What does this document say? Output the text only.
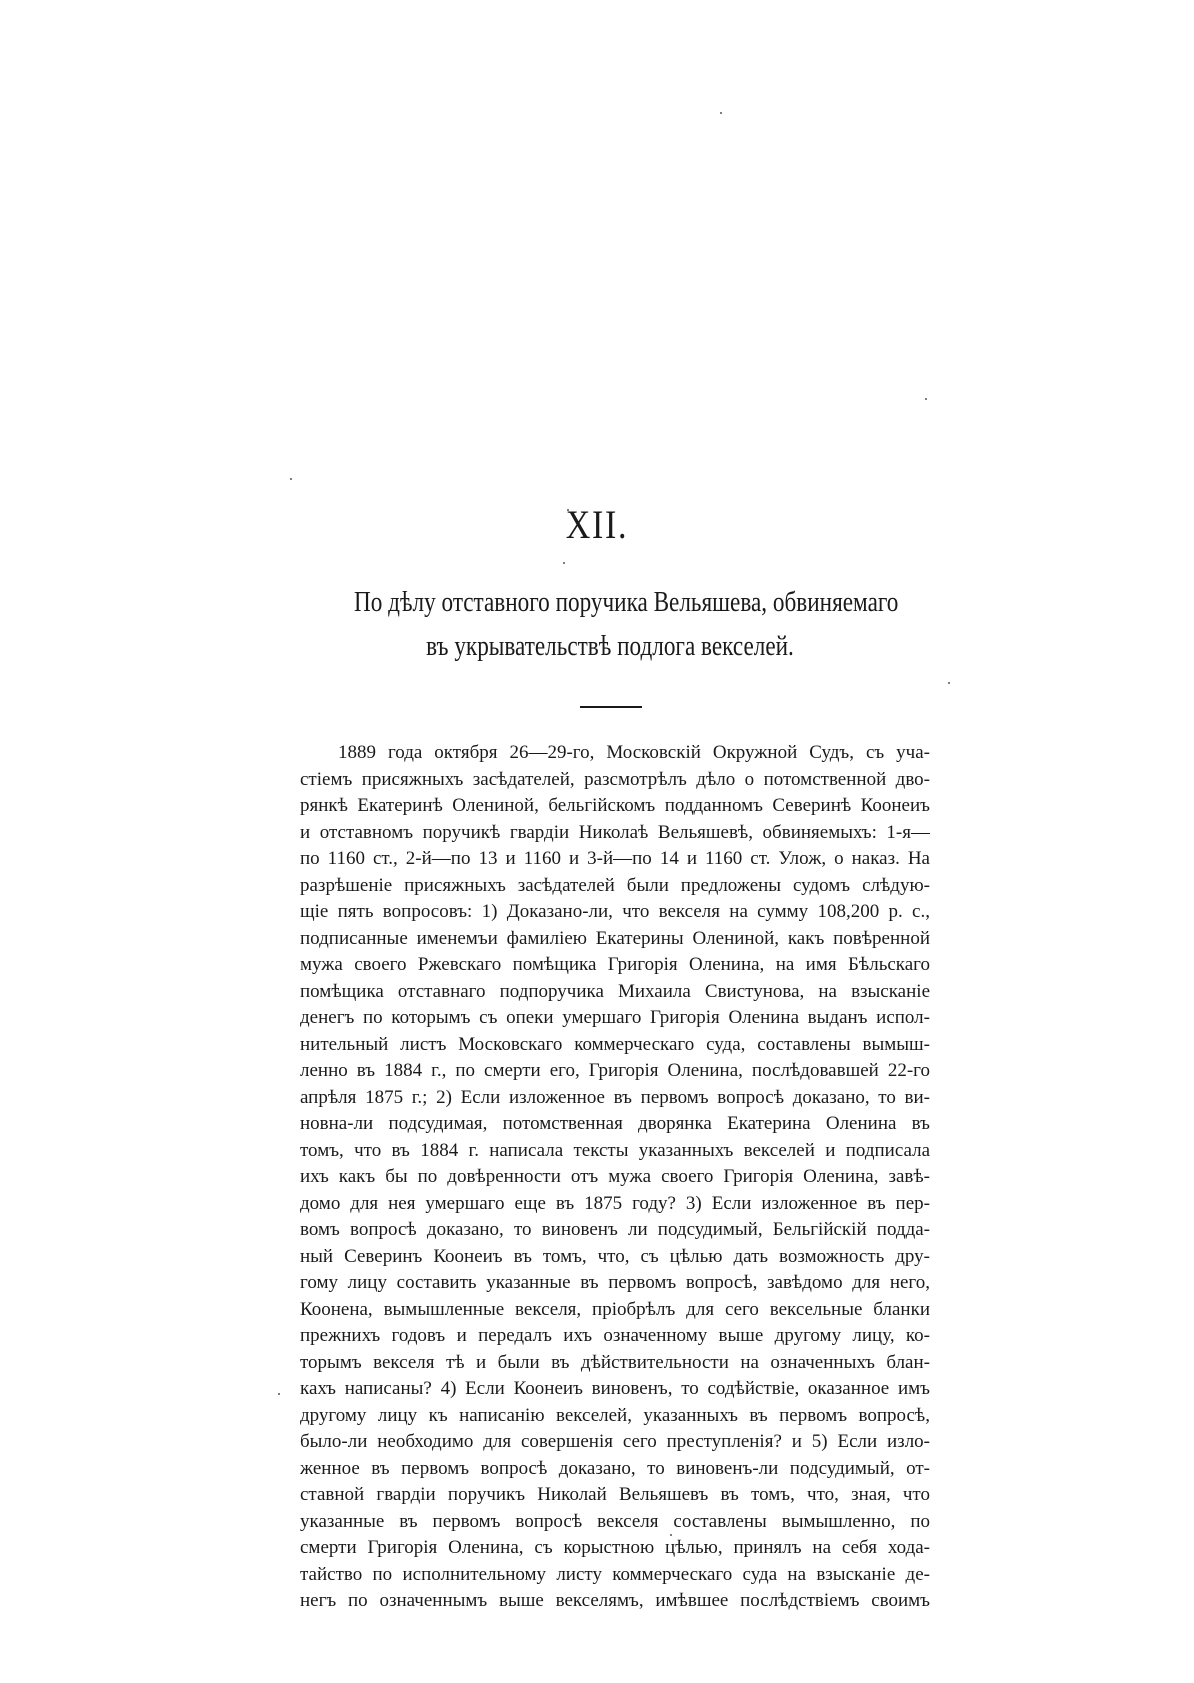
XII.
По дѣлу отставного поручика Вельяшева, обвиняемаго
въ укрывательствѣ подлога векселей.
1889 года октября 26—29-го, Московскій Окружной Судъ, съ уча-
стіемъ присяжныхъ засѣдателей, разсмотрѣлъ дѣло о потомственной дво-
рянкѣ Екатеринѣ Олениной, бельгійскомъ подданномъ Северинѣ Коонеиъ
и отставномъ поручикѣ гвардіи Николаѣ Вельяшевѣ, обвиняемыхъ: 1-я—
по 1160 ст., 2-й—по 13 и 1160 и 3-й—по 14 и 1160 ст. Улож, о наказ. На
разрѣшеніе присяжныхъ засѣдателей были предложены судомъ слѣдую-
щіе пять вопросовъ: 1) Доказано-ли, что векселя на сумму 108,200 р. с.,
подписанные именемъи фамиліею Екатерины Олениной, какъ повѣренной
мужа своего Ржевскаго помѣщика Григорія Оленина, на имя Бѣльскаго
помѣщика отставнаго подпоручика Михаила Свистунова, на взысканіе
денегъ по которымъ съ опеки умершаго Григорія Оленина выданъ испол-
нительный листъ Московскаго коммерческаго суда, составлены вымыш-
ленно въ 1884 г., по смерти его, Григорія Оленина, послѣдовавшей 22-го
апрѣля 1875 г.; 2) Если изложенное въ первомъ вопросѣ доказано, то ви-
новна-ли подсудимая, потомственная дворянка Екатерина Оленина въ
томъ, что въ 1884 г. написала тексты указанныхъ векселей и подписала
ихъ какъ бы по довѣренности отъ мужа своего Григорія Оленина, завѣ-
домо для нея умершаго еще въ 1875 году? 3) Если изложенное въ пер-
вомъ вопросѣ доказано, то виновенъ ли подсудимый, Бельгійскій подда-
ный Северинъ Коонеиъ въ томъ, что, съ цѣлью дать возможность дру-
гому лицу составить указанные въ первомъ вопросѣ, завѣдомо для него,
Коонена, вымышленные векселя, пріобрѣлъ для сего вексельные бланки
прежнихъ годовъ и передалъ ихъ означенному выше другому лицу, ко-
торымъ векселя тѣ и были въ дѣйствительности на означенныхъ блан-
кахъ написаны? 4) Если Коонеиъ виновенъ, то содѣйствіе, оказанное имъ
другому лицу къ написанію векселей, указанныхъ въ первомъ вопросѣ,
было-ли необходимо для совершенія сего преступленія? и 5) Если изло-
женное въ первомъ вопросѣ доказано, то виновенъ-ли подсудимый, от-
ставной гвардіи поручикъ Николай Вельяшевъ въ томъ, что, зная, что
указанные въ первомъ вопросѣ векселя составлены вымышленно, по
смерти Григорія Оленина, съ корыстною цѣлью, принялъ на себя хода-
тайство по исполнительному листу коммерческаго суда на взысканіе де-
негъ по означеннымъ выше векселямъ, имѣвшее послѣдствіемъ своимъ
